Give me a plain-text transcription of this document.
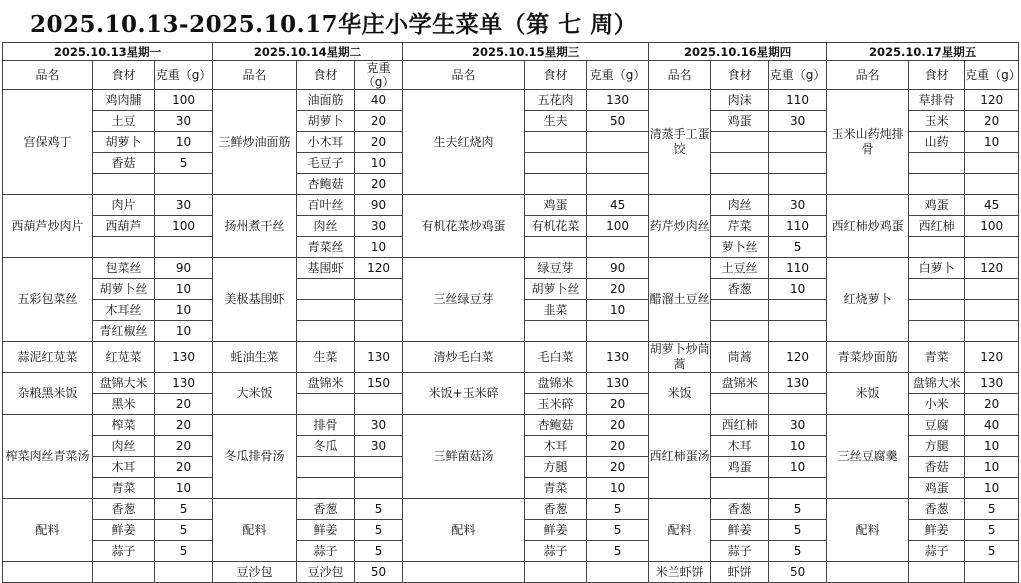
2025.10.13-2025.10.17华庄小学生菜单（第 七 周）
2025.10.13星期一			2025.10.14星期二			2025.10.15星期三			2025.10.16星期四			2025.10.17星期五		
品名	食材	克重（g）	品名	食材	克重（g）	品名	食材	克重（g）	品名	食材	克重（g）	品名	食材	克重（g）
宫保鸡丁	鸡肉脯	100	三鲜炒油面筋	油面筋	40	生夫红烧肉	五花肉	130	清蒸手工蛋饺	肉沫	110	玉米山药炖排骨	草排骨	120
	土豆	30		胡萝卜	20		生夫	50		鸡蛋	30		玉米	20
	胡萝卜	10		小木耳	20								山药	10
	香菇	5		毛豆子	10									
				杏鲍菇	20									
西葫芦炒肉片	肉片	30	扬州煮干丝	百叶丝	90	有机花菜炒鸡蛋	鸡蛋	45	药芹炒肉丝	肉丝	30	西红柿炒鸡蛋	鸡蛋	45
	西葫芦	100		肉丝	30		有机花菜	100		芹菜	110		西红柿	100
				青菜丝	10					萝卜丝	5			
五彩包菜丝	包菜丝	90	美极基围虾	基围虾	120	三丝绿豆芽	绿豆芽	90	醋溜土豆丝	土豆丝	110	红烧萝卜	白萝卜	120
	胡萝卜丝	10					胡萝卜丝	20		香葱	10			
	木耳丝	10					韭菜	10						
	青红椒丝	10												
蒜泥红苋菜	红苋菜	130	蚝油生菜	生菜	130	清炒毛白菜	毛白菜	130	胡萝卜炒茼蒿	茼蒿	120	青菜炒面筋	青菜	120
杂粮黑米饭	盘锦大米	130	大米饭	盘锦米	150	米饭+玉米碎	盘锦米	130	米饭	盘锦米	130	米饭	盘锦大米	130
	黑米	20					玉米碎	20					小米	20
榨菜肉丝青菜汤	榨菜	20	冬瓜排骨汤	排骨	30	三鲜菌菇汤	杏鲍菇	20	西红柿蛋汤	西红柿	30	三丝豆腐羹	豆腐	40
	肉丝	20		冬瓜	30		木耳	20		木耳	10		方腿	10
	木耳	20					方腿	20		鸡蛋	10		香菇	10
	青菜	10					青菜	10					鸡蛋	10
配料	香葱	5	配料	香葱	5	配料	香葱	5	配料	香葱	5	配料	香葱	5
	鲜姜	5		鲜姜	5		鲜姜	5		鲜姜	5		鲜姜	5
	蒜子	5		蒜子	5		蒜子	5		蒜子	5		蒜子	5
			豆沙包	豆沙包	50				米兰虾饼	虾饼	50			
